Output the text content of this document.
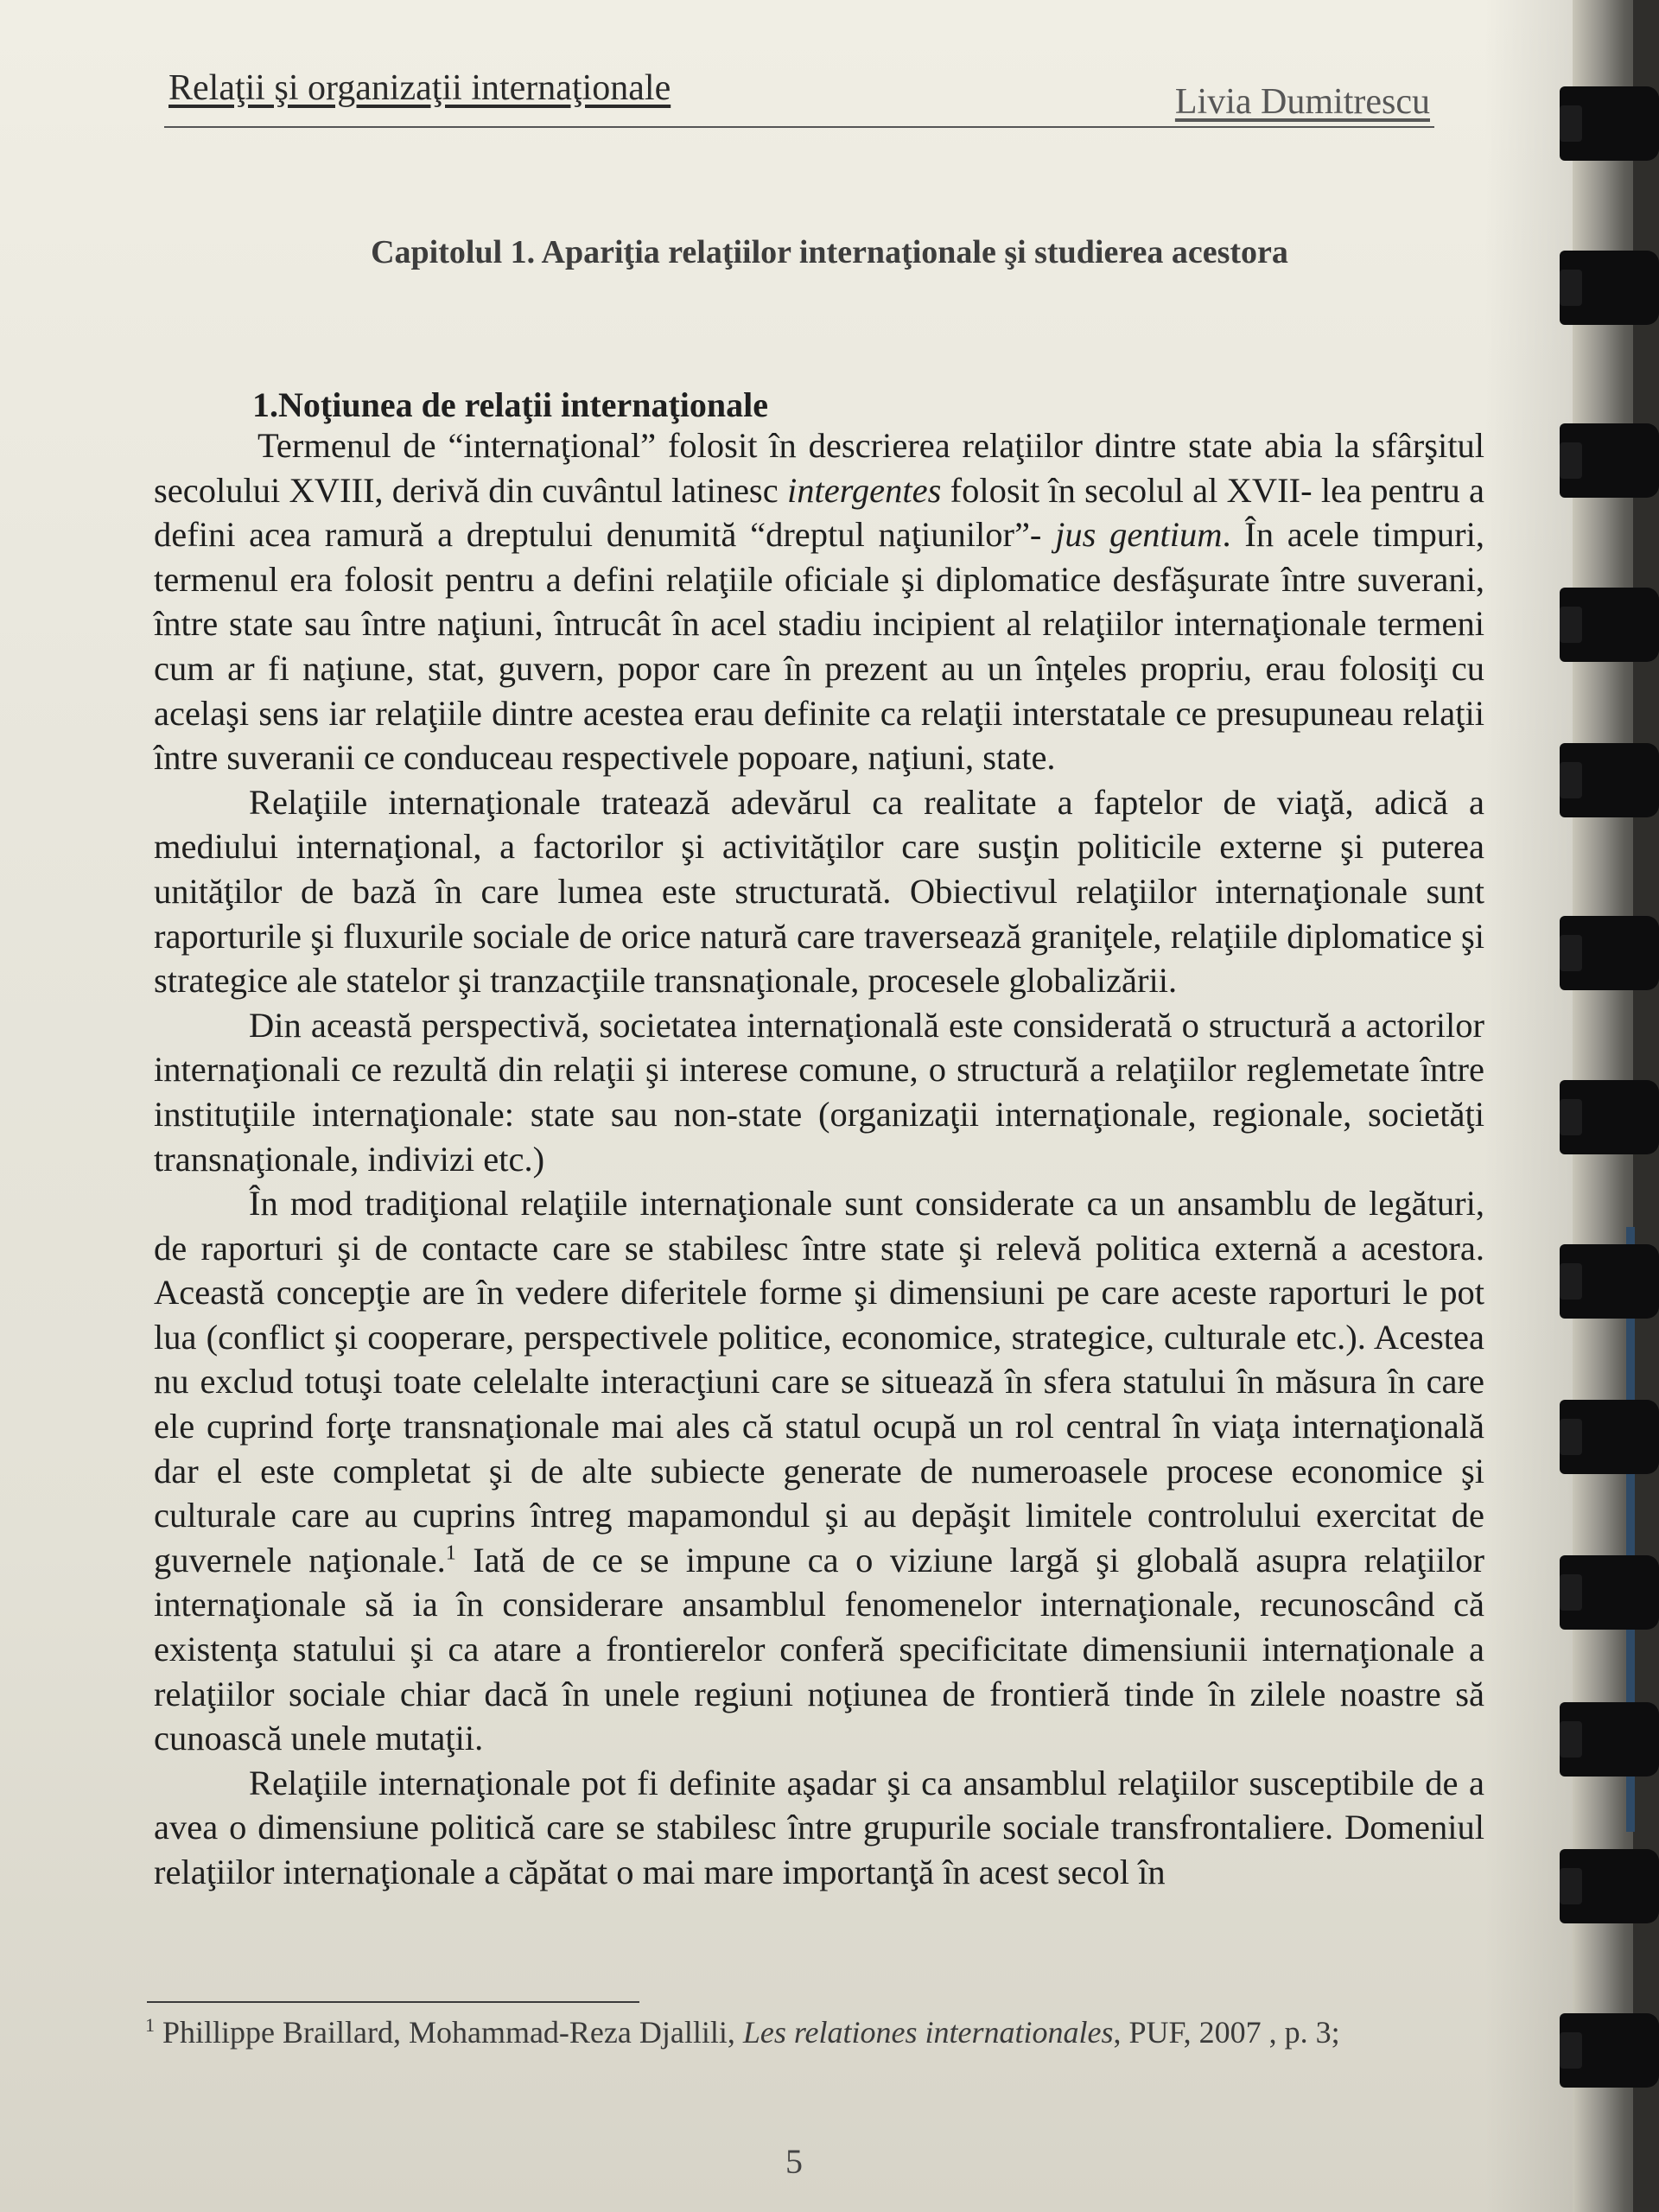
Relaţii şi organizaţii internaţionale	Livia Dumitrescu
Capitolul 1. Apariţia relaţiilor internaţionale şi studierea acestora
1.Noţiunea de relaţii internaţionale

Termenul de “internaţional” folosit în descrierea relaţiilor dintre state abia la sfârşitul secolului XVIII, derivă din cuvântul latinesc intergentes folosit în secolul al XVII- lea pentru a defini acea ramură a dreptului denumită “dreptul naţiunilor”- jus gentium. În acele timpuri, termenul era folosit pentru a defini relaţiile oficiale şi diplomatice desfăşurate între suverani, între state sau între naţiuni, întrucât în acel stadiu incipient al relaţiilor internaţionale termeni cum ar fi naţiune, stat, guvern, popor care în prezent au un înţeles propriu, erau folosiţi cu acelaşi sens iar relaţiile dintre acestea erau definite ca relaţii interstatale ce presupuneau relaţii între suveranii ce conduceau respectivele popoare, naţiuni, state.

Relaţiile internaţionale tratează adevărul ca realitate a faptelor de viaţă, adică a mediului internaţional, a factorilor şi activităţilor care susţin politicile externe şi puterea unităţilor de bază în care lumea este structurată. Obiectivul relaţiilor internaţionale sunt raporturile şi fluxurile sociale de orice natură care traversează graniţele, relaţiile diplomatice şi strategice ale statelor şi tranzacţiile transnaţionale, procesele globalizării.

Din această perspectivă, societatea internaţională este considerată o structură a actorilor internaţionali ce rezultă din relaţii şi interese comune, o structură a relaţiilor reglemetate între instituţiile internaţionale: state sau non-state (organizaţii internaţionale, regionale, societăţi transnaţionale, indivizi etc.)

În mod tradiţional relaţiile internaţionale sunt considerate ca un ansamblu de legături, de raporturi şi de contacte care se stabilesc între state şi relevă politica externă a acestora. Această concepţie are în vedere diferitele forme şi dimensiuni pe care aceste raporturi le pot lua (conflict şi cooperare, perspectivele politice, economice, strategice, culturale etc.). Acestea nu exclud totuşi toate celelalte interacţiuni care se situează în sfera statului în măsura în care ele cuprind forţe transnaţionale mai ales că statul ocupă un rol central în viaţa internaţională dar el este completat şi de alte subiecte generate de numeroasele procese economice şi culturale care au cuprins întreg mapamondul şi au depăşit limitele controlului exercitat de guvernele naţionale.$^1$ Iată de ce se impune ca o viziune largă şi globală asupra relaţiilor internaţionale să ia în considerare ansamblul fenomenelor internaţionale, recunoscând că existenţa statului şi ca atare a frontierelor conferă specificitate dimensiunii internaţionale a relaţiilor sociale chiar dacă în unele regiuni noţiunea de frontieră tinde în zilele noastre să cunoască unele mutaţii.

Relaţiile internaţionale pot fi definite aşadar şi ca ansamblul relaţiilor susceptibile de a avea o dimensiune politică care se stabilesc între grupurile sociale transfrontaliere. Domeniul relaţiilor internaţionale a căpătat o mai mare importanţă în acest secol în

$^1$ Phillippe Braillard, Mohammad-Reza Djallili, Les relationes internationales, PUF, 2007 , p. 3;
5
